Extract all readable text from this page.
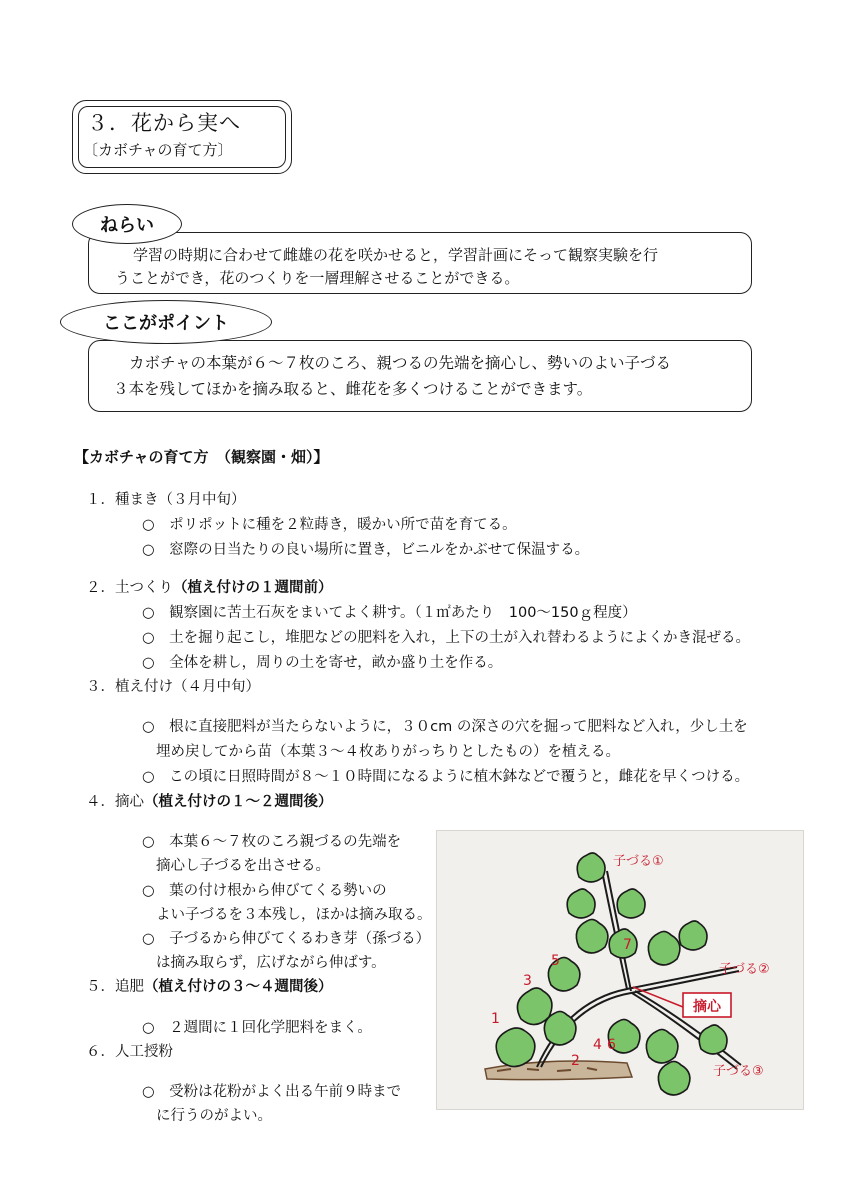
３．花から実へ
〔カボチャの育て方〕
学習の時期に合わせて雌雄の花を咲かせると，学習計画にそって観察実験を行
うことができ，花のつくりを一層理解させることができる。
ねらい
カボチャの本葉が６～７枚のころ、親つるの先端を摘心し、勢いのよい子づる
３本を残してほかを摘み取ると、雌花を多くつけることができます。
ここがポイント
【カボチャの育て方　（観察園・畑）】
１．種まき（３月中旬）
○　ポリポットに種を２粒蒔き，暖かい所で苗を育てる。
○　窓際の日当たりの良い場所に置き，ビニルをかぶせて保温する。
２．土つくり（植え付けの１週間前）
○　観察園に苦土石灰をまいてよく耕す。（１㎡あたり　100～150ｇ程度）
○　土を掘り起こし，堆肥などの肥料を入れ，上下の土が入れ替わるようによくかき混ぜる。
○　全体を耕し，周りの土を寄せ，畝か盛り土を作る。
３．植え付け（４月中旬）
○　根に直接肥料が当たらないように，３０cm の深さの穴を掘って肥料など入れ，少し土を
埋め戻してから苗（本葉３～４枚ありがっちりとしたもの）を植える。
○　この頃に日照時間が８～１０時間になるように植木鉢などで覆うと，雌花を早くつける。
４．摘心（植え付けの１～２週間後）
○　本葉６～７枚のころ親づるの先端を
摘心し子づるを出させる。
○　葉の付け根から伸びてくる勢いの
よい子づるを３本残し，ほかは摘み取る。
○　子づるから伸びてくるわき芽（孫づる）
は摘み取らず，広げながら伸ばす。
５．追肥（植え付けの３～４週間後）
○　２週間に１回化学肥料をまく。
６．人工授粉
○　受粉は花粉がよく出る午前９時まで
に行うのがよい。
摘心
子づる①
子づる②
子づる③
1
2
3
4
5
6
7
